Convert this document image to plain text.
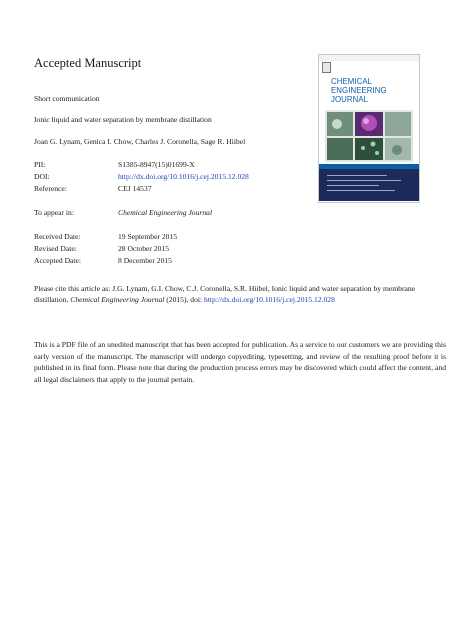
Accepted Manuscript
Short communication
Ionic liquid and water separation by membrane distillation
Joan G. Lynam, Genica I. Chow, Charles J. Coronella, Sage R. Hiibel
PII:	S1385-8947(15)01699-X
DOI:	http://dx.doi.org/10.1016/j.cej.2015.12.028
Reference:	CEJ 14537
To appear in:	Chemical Engineering Journal
Received Date:	19 September 2015
Revised Date:	28 October 2015
Accepted Date:	8 December 2015

Please cite this article as: J.G. Lynam, G.I. Chow, C.J. Coronella, S.R. Hiibel, Ionic liquid and water separation by membrane distillation, Chemical Engineering Journal (2015), doi: http://dx.doi.org/10.1016/j.cej.2015.12.028

This is a PDF file of an unedited manuscript that has been accepted for publication. As a service to our customers we are providing this early version of the manuscript. The manuscript will undergo copyediting, typesetting, and review of the resulting proof before it is published in its final form. Please note that during the production process errors may be discovered which could affect the content, and all legal disclaimers that apply to the journal pertain.

CHEMICAL
ENGINEERING
JOURNAL
